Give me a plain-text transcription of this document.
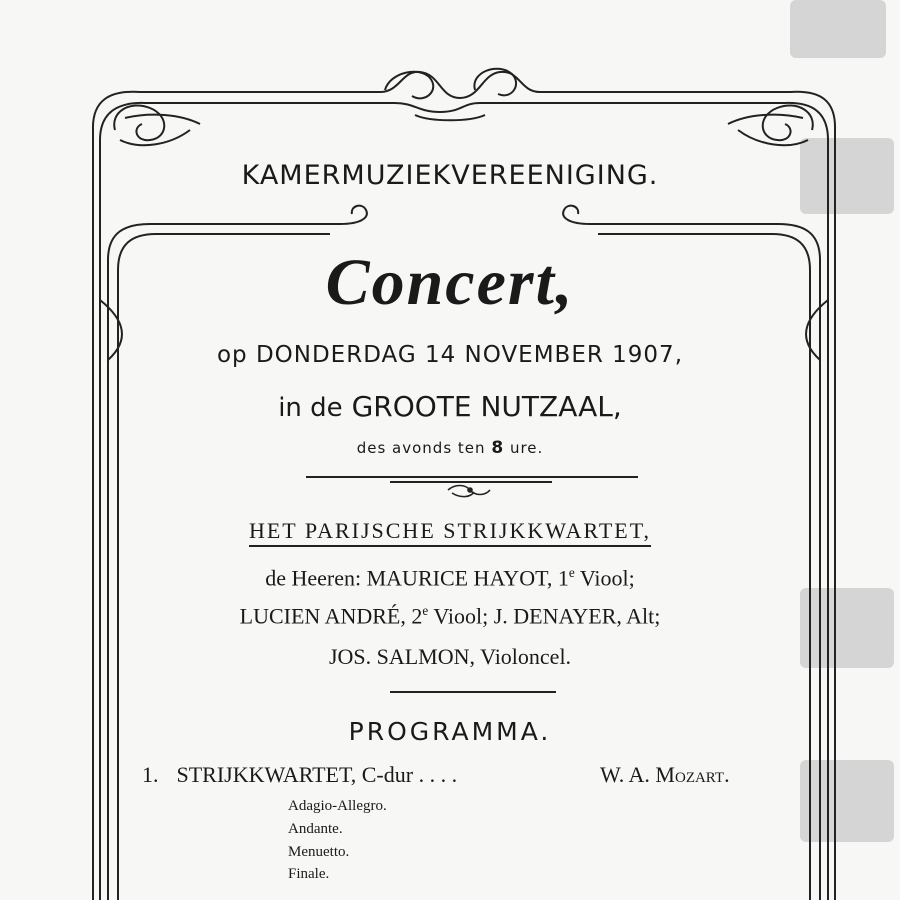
KAMERMUZIEKVEREENIGING.
Concert,
op DONDERDAG 14 NOVEMBER 1907,
in de GROOTE NUTZAAL,
des avonds ten 8 ure.
HET PARIJSCHE STRIJKKWARTET,
de Heeren: MAURICE HAYOT, 1e Viool;
LUCIEN ANDRÉ, 2e Viool; J. DENAYER, Alt;
JOS. SALMON, Violoncel.
PROGRAMMA.
1. STRIJKKWARTET, C-dur . . . .	W. A. Mozart.
Adagio-Allegro.
Andante.
Menuetto.
Finale.
